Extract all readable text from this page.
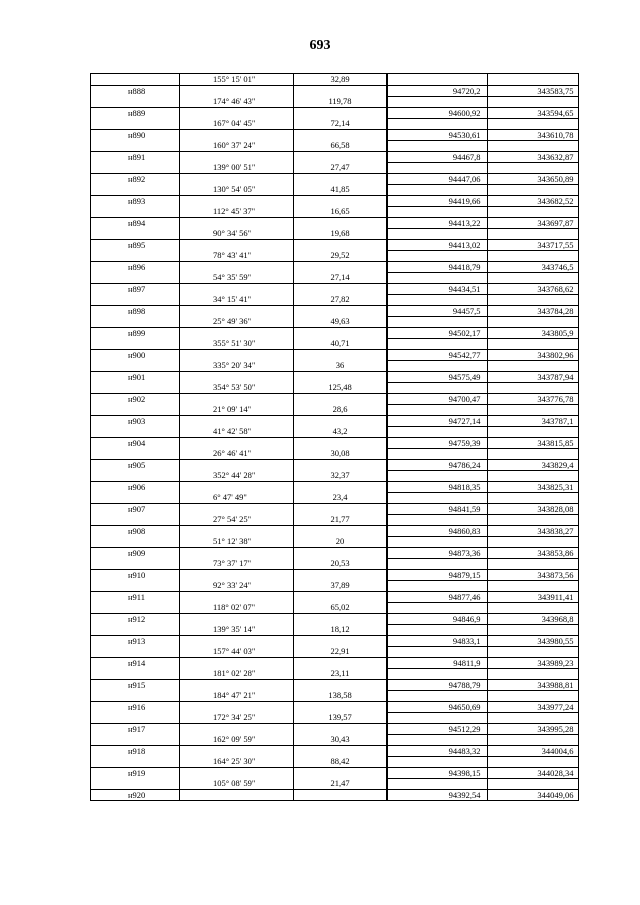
693
	155° 15' 01"	32,89		
н888			94720,2	343583,75
	174° 46' 43"	119,78		
н889			94600,92	343594,65
	167° 04' 45"	72,14		
н890			94530,61	343610,78
	160° 37' 24"	66,58		
н891			94467,8	343632,87
	139° 00' 51"	27,47		
н892			94447,06	343650,89
	130° 54' 05"	41,85		
н893			94419,66	343682,52
	112° 45' 37"	16,65		
н894			94413,22	343697,87
	90° 34' 56"	19,68		
н895			94413,02	343717,55
	78° 43' 41"	29,52		
н896			94418,79	343746,5
	54° 35' 59"	27,14		
н897			94434,51	343768,62
	34° 15' 41"	27,82		
н898			94457,5	343784,28
	25° 49' 36"	49,63		
н899			94502,17	343805,9
	355° 51' 30"	40,71		
н900			94542,77	343802,96
	335° 20' 34"	36		
н901			94575,49	343787,94
	354° 53' 50"	125,48		
н902			94700,47	343776,78
	21° 09' 14"	28,6		
н903			94727,14	343787,1
	41° 42' 58"	43,2		
н904			94759,39	343815,85
	26° 46' 41"	30,08		
н905			94786,24	343829,4
	352° 44' 28"	32,37		
н906			94818,35	343825,31
	6° 47' 49"	23,4		
н907			94841,59	343828,08
	27° 54' 25"	21,77		
н908			94860,83	343838,27
	51° 12' 38"	20		
н909			94873,36	343853,86
	73° 37' 17"	20,53		
н910			94879,15	343873,56
	92° 33' 24"	37,89		
н911			94877,46	343911,41
	118° 02' 07"	65,02		
н912			94846,9	343968,8
	139° 35' 14"	18,12		
н913			94833,1	343980,55
	157° 44' 03"	22,91		
н914			94811,9	343989,23
	181° 02' 28"	23,11		
н915			94788,79	343988,81
	184° 47' 21"	138,58		
н916			94650,69	343977,24
	172° 34' 25"	139,57		
н917			94512,29	343995,28
	162° 09' 59"	30,43		
н918			94483,32	344004,6
	164° 25' 30"	88,42		
н919			94398,15	344028,34
	105° 08' 59"	21,47		
н920			94392,54	344049,06
